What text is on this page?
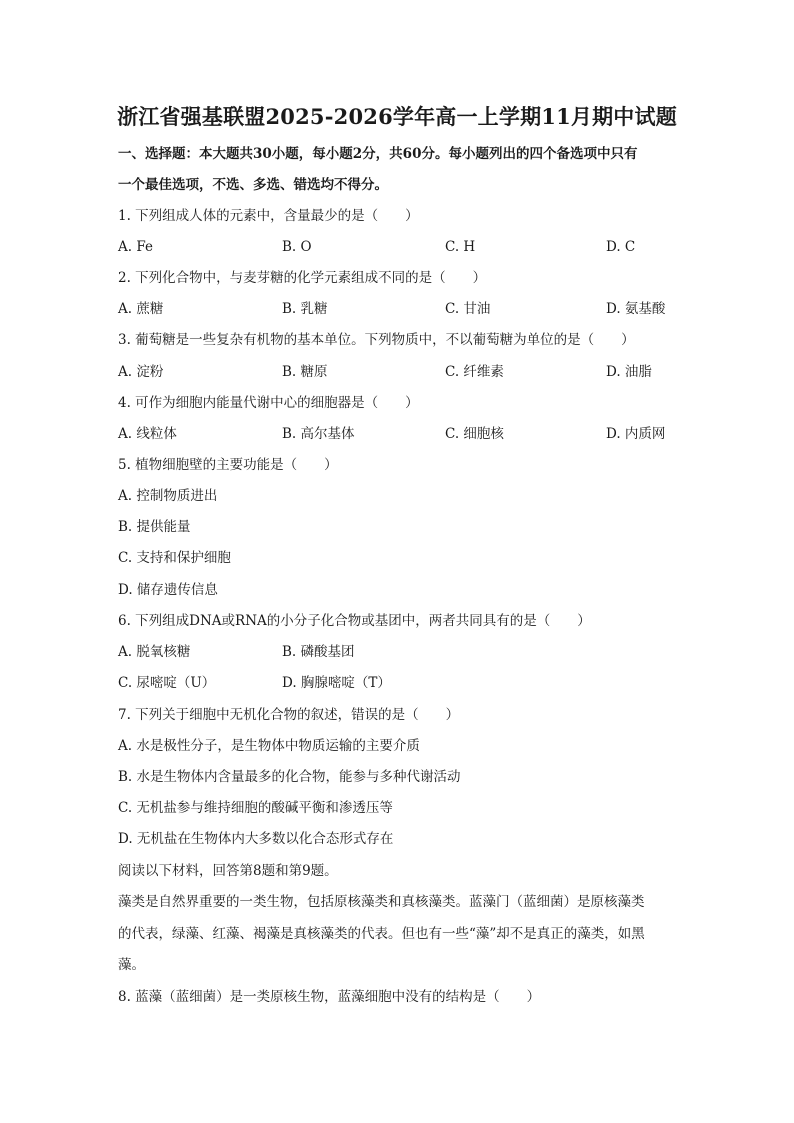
浙江省强基联盟2025-2026学年高一上学期11月期中试题
一、选择题：本大题共30小题，每小题2分，共60分。每小题列出的四个备选项中只有
一个最佳选项，不选、多选、错选均不得分。
1. 下列组成人体的元素中，含量最少的是（　　）
A. Fe	B. O	C. H	D. C
2. 下列化合物中，与麦芽糖的化学元素组成不同的是（　　）
A. 蔗糖	B. 乳糖	C. 甘油	D. 氨基酸
3. 葡萄糖是一些复杂有机物的基本单位。下列物质中，不以葡萄糖为单位的是（　　）
A. 淀粉	B. 糖原	C. 纤维素	D. 油脂
4. 可作为细胞内能量代谢中心的细胞器是（　　）
A. 线粒体	B. 高尔基体	C. 细胞核	D. 内质网
5. 植物细胞壁的主要功能是（　　）
A. 控制物质进出
B. 提供能量
C. 支持和保护细胞
D. 储存遗传信息
6. 下列组成DNA或RNA的小分子化合物或基团中，两者共同具有的是（　　）
A. 脱氧核糖	B. 磷酸基团
C. 尿嘧啶（U）	D. 胸腺嘧啶（T）
7. 下列关于细胞中无机化合物的叙述，错误的是（　　）
A. 水是极性分子，是生物体中物质运输的主要介质
B. 水是生物体内含量最多的化合物，能参与多种代谢活动
C. 无机盐参与维持细胞的酸碱平衡和渗透压等
D. 无机盐在生物体内大多数以化合态形式存在
阅读以下材料，回答第8题和第9题。
藻类是自然界重要的一类生物，包括原核藻类和真核藻类。蓝藻门（蓝细菌）是原核藻类
的代表，绿藻、红藻、褐藻是真核藻类的代表。但也有一些“藻”却不是真正的藻类，如黑
藻。
8. 蓝藻（蓝细菌）是一类原核生物，蓝藻细胞中没有的结构是（　　）
